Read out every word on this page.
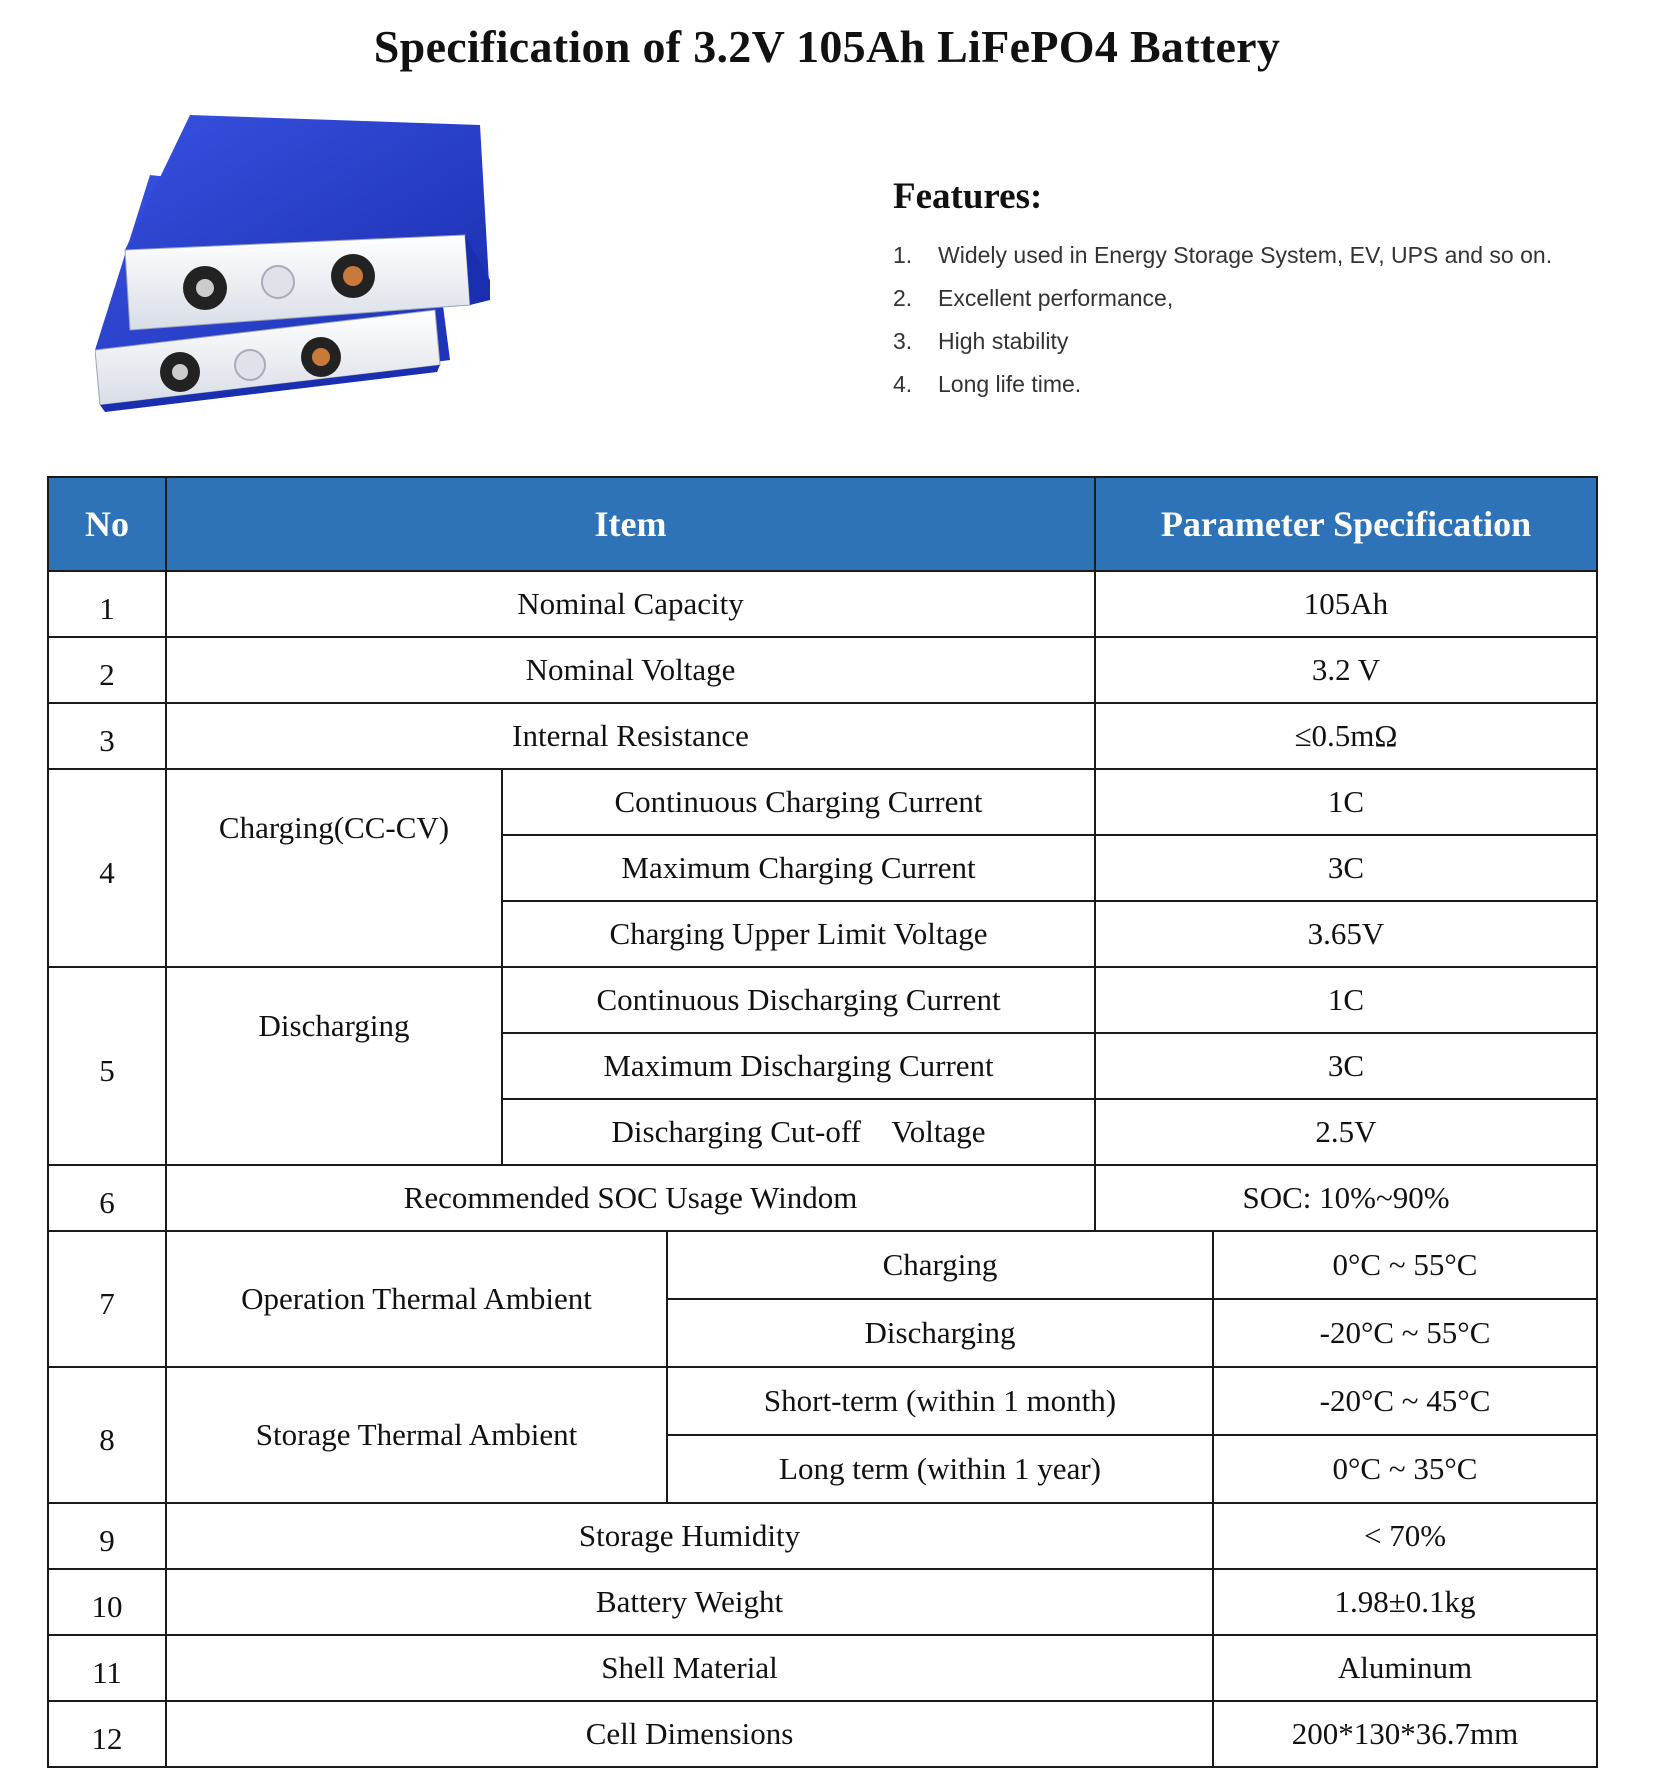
Specification of 3.2V 105Ah LiFePO4 Battery
Features:
1.	Widely used in Energy Storage System, EV, UPS and so on.
2.	Excellent performance,
3.	High stability
4.	Long life time.
No	Item			Parameter Specification	
1	Nominal Capacity			105Ah	
2	Nominal Voltage			3.2 V	
3	Internal Resistance			≤0.5mΩ	
4	Charging(CC-CV)	Continuous Charging Current		1C	
		Maximum Charging Current		3C	
		Charging Upper Limit Voltage		3.65V	
5	Discharging	Continuous Discharging Current		1C	
		Maximum Discharging Current		3C	
		Discharging Cut-off    Voltage		2.5V	
6	Recommended SOC Usage Windom			SOC: 10%~90%	
7	Operation Thermal Ambient		Charging		0°C ~ 55°C
			Discharging		-20°C ~ 55°C
8	Storage Thermal Ambient		Short-term (within 1 month)		-20°C ~ 45°C
			Long term (within 1 year)		0°C ~ 35°C
9	Storage Humidity				< 70%
10	Battery Weight				1.98±0.1kg
11	Shell Material				Aluminum
12	Cell Dimensions				200*130*36.7mm
